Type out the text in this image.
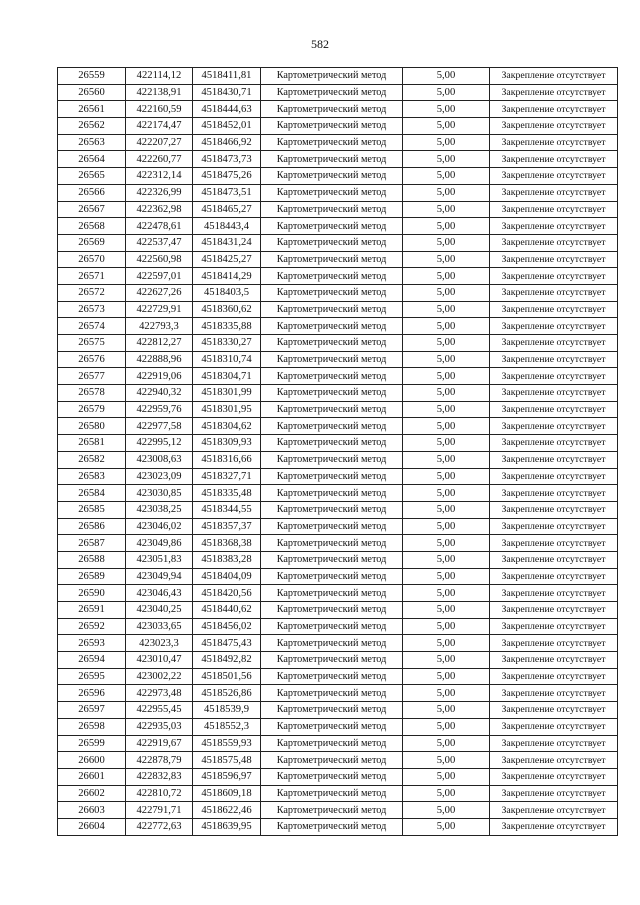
582
26559	422114,12	4518411,81	Картометрический метод	5,00	Закрепление отсутствует
26560	422138,91	4518430,71	Картометрический метод	5,00	Закрепление отсутствует
26561	422160,59	4518444,63	Картометрический метод	5,00	Закрепление отсутствует
26562	422174,47	4518452,01	Картометрический метод	5,00	Закрепление отсутствует
26563	422207,27	4518466,92	Картометрический метод	5,00	Закрепление отсутствует
26564	422260,77	4518473,73	Картометрический метод	5,00	Закрепление отсутствует
26565	422312,14	4518475,26	Картометрический метод	5,00	Закрепление отсутствует
26566	422326,99	4518473,51	Картометрический метод	5,00	Закрепление отсутствует
26567	422362,98	4518465,27	Картометрический метод	5,00	Закрепление отсутствует
26568	422478,61	4518443,4	Картометрический метод	5,00	Закрепление отсутствует
26569	422537,47	4518431,24	Картометрический метод	5,00	Закрепление отсутствует
26570	422560,98	4518425,27	Картометрический метод	5,00	Закрепление отсутствует
26571	422597,01	4518414,29	Картометрический метод	5,00	Закрепление отсутствует
26572	422627,26	4518403,5	Картометрический метод	5,00	Закрепление отсутствует
26573	422729,91	4518360,62	Картометрический метод	5,00	Закрепление отсутствует
26574	422793,3	4518335,88	Картометрический метод	5,00	Закрепление отсутствует
26575	422812,27	4518330,27	Картометрический метод	5,00	Закрепление отсутствует
26576	422888,96	4518310,74	Картометрический метод	5,00	Закрепление отсутствует
26577	422919,06	4518304,71	Картометрический метод	5,00	Закрепление отсутствует
26578	422940,32	4518301,99	Картометрический метод	5,00	Закрепление отсутствует
26579	422959,76	4518301,95	Картометрический метод	5,00	Закрепление отсутствует
26580	422977,58	4518304,62	Картометрический метод	5,00	Закрепление отсутствует
26581	422995,12	4518309,93	Картометрический метод	5,00	Закрепление отсутствует
26582	423008,63	4518316,66	Картометрический метод	5,00	Закрепление отсутствует
26583	423023,09	4518327,71	Картометрический метод	5,00	Закрепление отсутствует
26584	423030,85	4518335,48	Картометрический метод	5,00	Закрепление отсутствует
26585	423038,25	4518344,55	Картометрический метод	5,00	Закрепление отсутствует
26586	423046,02	4518357,37	Картометрический метод	5,00	Закрепление отсутствует
26587	423049,86	4518368,38	Картометрический метод	5,00	Закрепление отсутствует
26588	423051,83	4518383,28	Картометрический метод	5,00	Закрепление отсутствует
26589	423049,94	4518404,09	Картометрический метод	5,00	Закрепление отсутствует
26590	423046,43	4518420,56	Картометрический метод	5,00	Закрепление отсутствует
26591	423040,25	4518440,62	Картометрический метод	5,00	Закрепление отсутствует
26592	423033,65	4518456,02	Картометрический метод	5,00	Закрепление отсутствует
26593	423023,3	4518475,43	Картометрический метод	5,00	Закрепление отсутствует
26594	423010,47	4518492,82	Картометрический метод	5,00	Закрепление отсутствует
26595	423002,22	4518501,56	Картометрический метод	5,00	Закрепление отсутствует
26596	422973,48	4518526,86	Картометрический метод	5,00	Закрепление отсутствует
26597	422955,45	4518539,9	Картометрический метод	5,00	Закрепление отсутствует
26598	422935,03	4518552,3	Картометрический метод	5,00	Закрепление отсутствует
26599	422919,67	4518559,93	Картометрический метод	5,00	Закрепление отсутствует
26600	422878,79	4518575,48	Картометрический метод	5,00	Закрепление отсутствует
26601	422832,83	4518596,97	Картометрический метод	5,00	Закрепление отсутствует
26602	422810,72	4518609,18	Картометрический метод	5,00	Закрепление отсутствует
26603	422791,71	4518622,46	Картометрический метод	5,00	Закрепление отсутствует
26604	422772,63	4518639,95	Картометрический метод	5,00	Закрепление отсутствует
